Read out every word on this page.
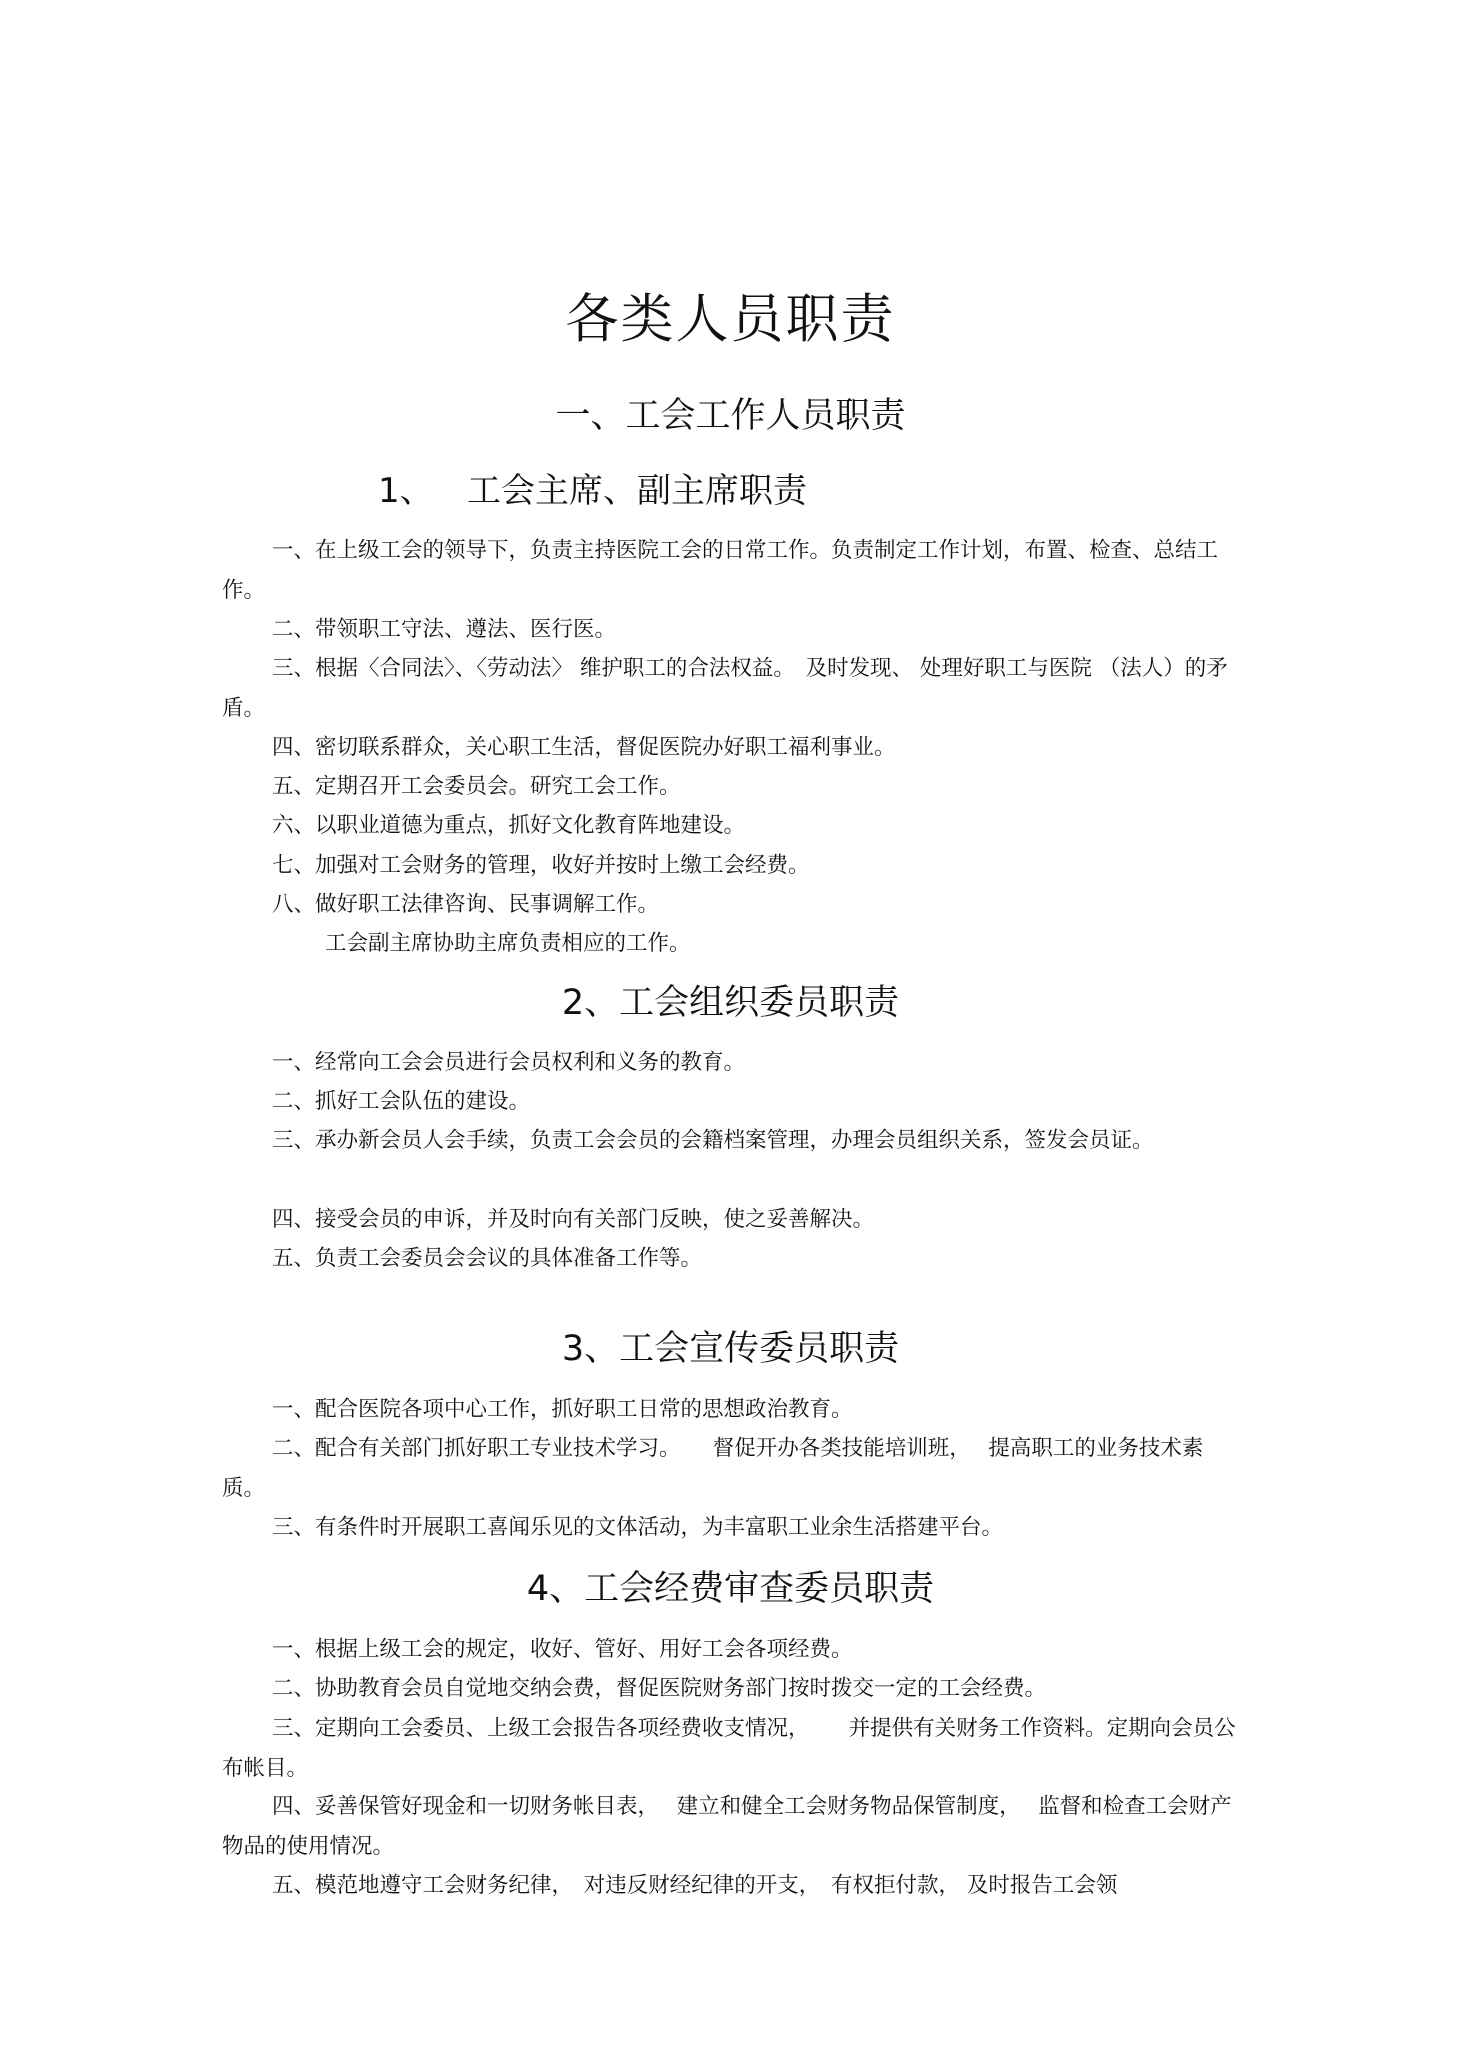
各类人员职责
一、工会工作人员职责
1、 工会主席、副主席职责

一、在上级工会的领导下，负责主持医院工会的日常工作。负责制定工作计划，布置、检查、总结工作。

二、带领职工守法、遵法、医行医。

三、根据〈合同法〉、〈劳动法〉 维护职工的合法权益。　及时发现、 处理好职工与医院 （法人）的矛盾。

四、密切联系群众，关心职工生活，督促医院办好职工福利事业。

五、定期召开工会委员会。研究工会工作。

六、以职业道德为重点，抓好文化教育阵地建设。

七、加强对工会财务的管理，收好并按时上缴工会经费。

八、做好职工法律咨询、民事调解工作。

工会副主席协助主席负责相应的工作。
2、工会组织委员职责

一、经常向工会会员进行会员权利和义务的教育。

二、抓好工会队伍的建设。

三、承办新会员人会手续，负责工会会员的会籍档案管理，办理会员组织关系，签发会员证。

四、接受会员的申诉，并及时向有关部门反映，使之妥善解决。

五、负责工会委员会会议的具体准备工作等。

3、工会宣传委员职责

一、配合医院各项中心工作，抓好职工日常的思想政治教育。

二、配合有关部门抓好职工专业技术学习。　　督促开办各类技能培训班，　 提高职工的业务技术素质。

三、有条件时开展职工喜闻乐见的文体活动，为丰富职工业余生活搭建平台。

4、工会经费审查委员职责

一、根据上级工会的规定，收好、管好、用好工会各项经费。

二、协助教育会员自觉地交纳会费，督促医院财务部门按时拨交一定的工会经费。

三、定期向工会委员、上级工会报告各项经费收支情况，　　 并提供有关财务工作资料。定期向会员公布帐目。

四、妥善保管好现金和一切财务帐目表，　 建立和健全工会财务物品保管制度，　 监督和检查工会财产物品的使用情况。

五、模范地遵守工会财务纪律，　对违反财经纪律的开支，　有权拒付款， 及时报告工会领
